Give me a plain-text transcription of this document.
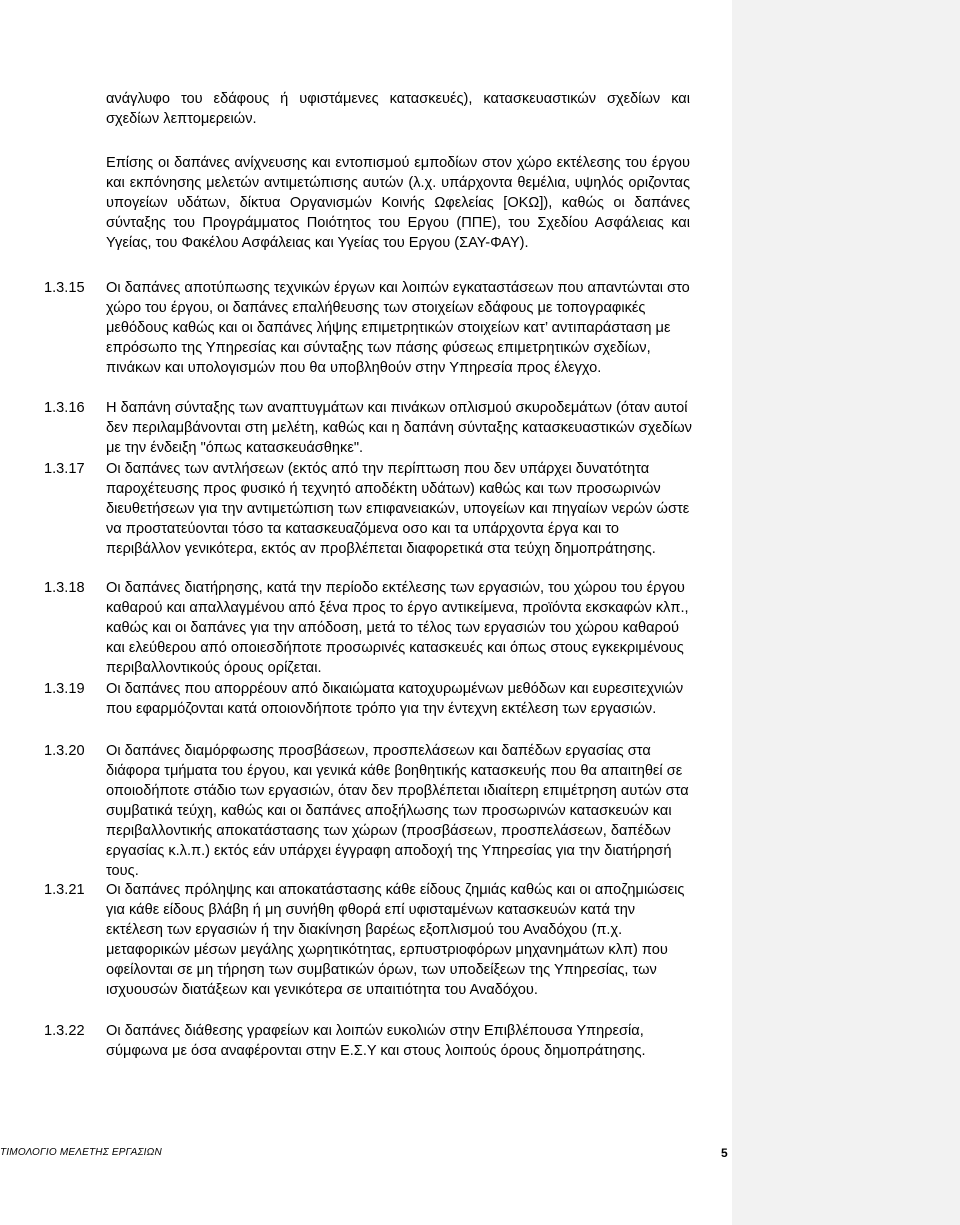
ανάγλυφο του εδάφους ή υφιστάμενες κατασκευές), κατασκευαστικών σχεδίων και σχεδίων λεπτομερειών.
Επίσης οι δαπάνες ανίχνευσης και εντοπισμού εμποδίων στον χώρο εκτέλεσης του έργου και εκπόνησης μελετών αντιμετώπισης αυτών (λ.χ. υπάρχοντα θεμέλια, υψηλός οριζοντας υπογείων υδάτων, δίκτυα Οργανισμών Κοινής Ωφελείας [ΟΚΩ]), καθώς οι δαπάνες σύνταξης του Προγράμματος Ποιότητος του Εργου (ΠΠΕ), του Σχεδίου Ασφάλειας και Υγείας, του Φακέλου Ασφάλειας και Υγείας του Εργου (ΣΑΥ-ΦΑΥ).
1.3.15	Οι δαπάνες αποτύπωσης τεχνικών έργων και λοιπών εγκαταστάσεων που απαντώνται στο χώρο του έργου, οι δαπάνες επαλήθευσης των στοιχείων εδάφους με τοπογραφικές μεθόδους καθώς και οι δαπάνες λήψης επιμετρητικών στοιχείων κατ’ αντιπαράσταση με επρόσωπο της Υπηρεσίας και σύνταξης των πάσης φύσεως επιμετρητικών σχεδίων, πινάκων και υπολογισμών που θα υποβληθούν στην Υπηρεσία προς έλεγχο.
1.3.16	Η δαπάνη σύνταξης των αναπτυγμάτων και πινάκων οπλισμού σκυροδεμάτων (όταν αυτοί δεν περιλαμβάνονται στη μελέτη, καθώς και η δαπάνη σύνταξης κατασκευαστικών σχεδίων με την ένδειξη "όπως κατασκευάσθηκε".
1.3.17	Οι δαπάνες των αντλήσεων (εκτός από την περίπτωση που δεν υπάρχει δυνατότητα παροχέτευσης προς φυσικό ή τεχνητό αποδέκτη υδάτων) καθώς και των προσωρινών διευθετήσεων για την αντιμετώπιση των επιφανειακών, υπογείων και πηγαίων νερών ώστε να προστατεύονται τόσο τα κατασκευαζόμενα οσο και τα υπάρχοντα έργα και το περιβάλλον γενικότερα, εκτός αν προβλέπεται διαφορετικά στα τεύχη δημοπράτησης.
1.3.18	Οι δαπάνες διατήρησης, κατά την περίοδο εκτέλεσης των εργασιών, του χώρου του έργου καθαρού και απαλλαγμένου από ξένα προς το έργο αντικείμενα, προϊόντα εκσκαφών κλπ., καθώς και οι δαπάνες για την απόδοση, μετά το τέλος των εργασιών του χώρου καθαρού και ελεύθερου από οποιεσδήποτε προσωρινές κατασκευές και όπως στους εγκεκριμένους περιβαλλοντικούς όρους ορίζεται.
1.3.19	Οι δαπάνες που απορρέουν από δικαιώματα κατοχυρωμένων μεθόδων και ευρεσιτεχνιών που εφαρμόζονται κατά οποιονδήποτε τρόπο για την έντεχνη εκτέλεση των εργασιών.
1.3.20	Οι δαπάνες διαμόρφωσης προσβάσεων, προσπελάσεων και δαπέδων εργασίας στα διάφορα τμήματα του έργου, και γενικά κάθε βοηθητικής κατασκευής που θα απαιτηθεί σε οποιοδήποτε στάδιο των εργασιών, όταν δεν προβλέπεται ιδιαίτερη επιμέτρηση αυτών στα συμβατικά τεύχη, καθώς και οι δαπάνες αποξήλωσης των προσωρινών κατασκευών και περιβαλλοντικής αποκατάστασης των χώρων (προσβάσεων, προσπελάσεων, δαπέδων εργασίας κ.λ.π.) εκτός εάν υπάρχει έγγραφη αποδοχή της Υπηρεσίας για την διατήρησή τους.
1.3.21	Οι δαπάνες πρόληψης και αποκατάστασης κάθε είδους ζημιάς καθώς και οι αποζημιώσεις για κάθε είδους βλάβη ή μη συνήθη φθορά επί υφισταμένων κατασκευών κατά την εκτέλεση των εργασιών ή την διακίνηση βαρέως εξοπλισμού του Αναδόχου (π.χ. μεταφορικών μέσων μεγάλης χωρητικότητας, ερπυστριοφόρων μηχανημάτων κλπ) που οφείλονται σε μη τήρηση των συμβατικών όρων, των υποδείξεων της Υπηρεσίας, των ισχυουσών διατάξεων και γενικότερα σε υπαιτιότητα του Αναδόχου.
1.3.22	Οι δαπάνες διάθεσης γραφείων και λοιπών ευκολιών στην Επιβλέπουσα Υπηρεσία, σύμφωνα με όσα αναφέρονται στην Ε.Σ.Υ και στους λοιπούς όρους δημοπράτησης.
ΤΙΜΟΛΟΓΙΟ ΜΕΛΕΤΗΣ ΕΡΓΑΣΙΩΝ	5
